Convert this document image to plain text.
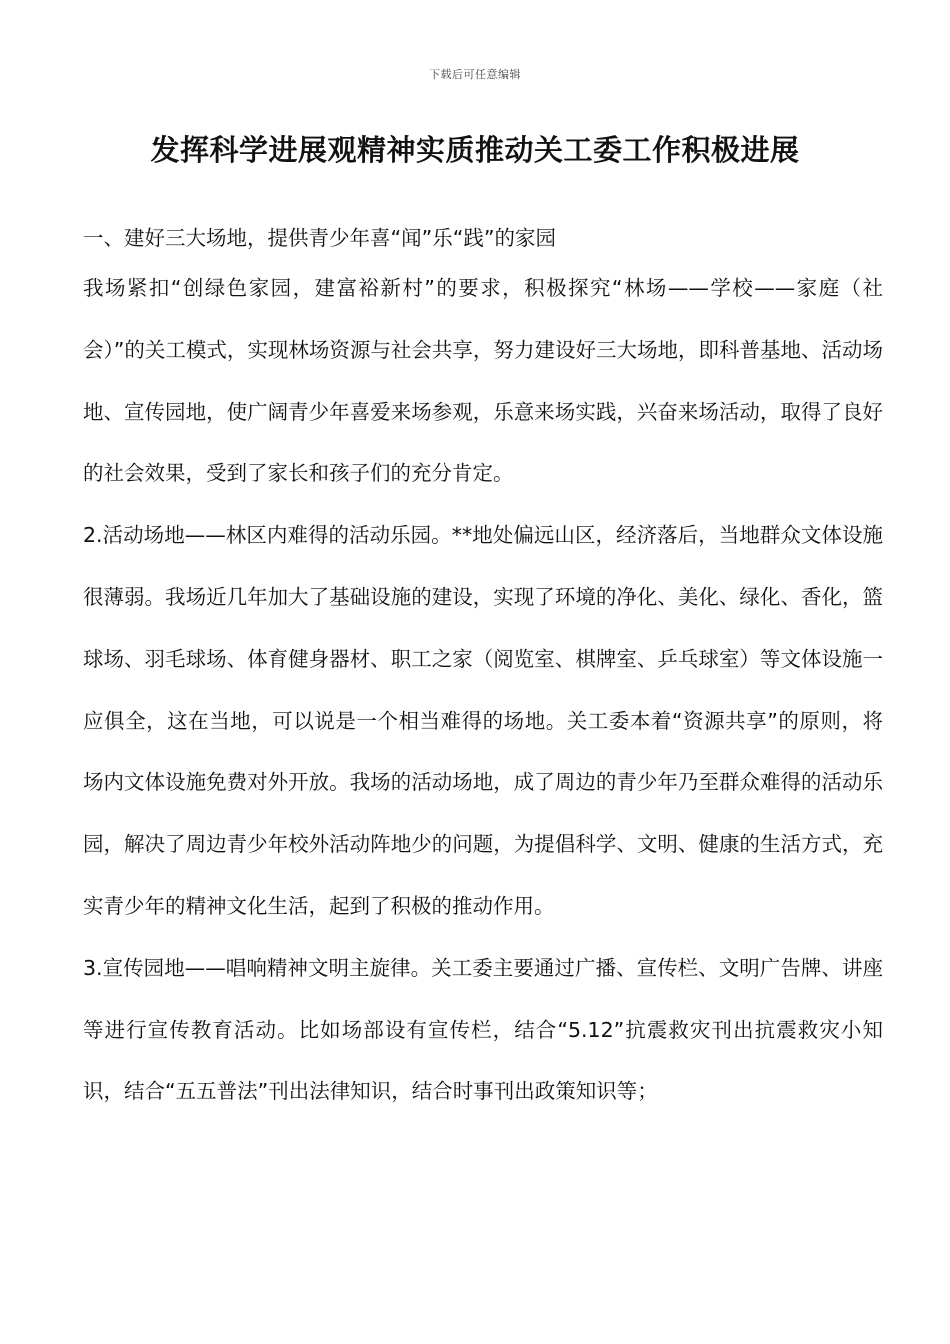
下载后可任意编辑
发挥科学进展观精神实质推动关工委工作积极进展
一、建好三大场地，提供青少年喜“闻”乐“践”的家园

我场紧扣“创绿色家园，建富裕新村”的要求，积极探究“林场——学校——家庭（社会）”的关工模式，实现林场资源与社会共享，努力建设好三大场地，即科普基地、活动场地、宣传园地，使广阔青少年喜爱来场参观，乐意来场实践，兴奋来场活动，取得了良好的社会效果，受到了家长和孩子们的充分肯定。

2.活动场地——林区内难得的活动乐园。**地处偏远山区，经济落后，当地群众文体设施很薄弱。我场近几年加大了基础设施的建设，实现了环境的净化、美化、绿化、香化，篮球场、羽毛球场、体育健身器材、职工之家（阅览室、棋牌室、乒乓球室）等文体设施一应俱全，这在当地，可以说是一个相当难得的场地。关工委本着“资源共享”的原则，将场内文体设施免费对外开放。我场的活动场地，成了周边的青少年乃至群众难得的活动乐园，解决了周边青少年校外活动阵地少的问题，为提倡科学、文明、健康的生活方式，充实青少年的精神文化生活，起到了积极的推动作用。

3.宣传园地——唱响精神文明主旋律。关工委主要通过广播、宣传栏、文明广告牌、讲座等进行宣传教育活动。比如场部设有宣传栏，结合“5.12”抗震救灾刊出抗震救灾小知识，结合“五五普法”刊出法律知识，结合时事刊出政策知识等；
